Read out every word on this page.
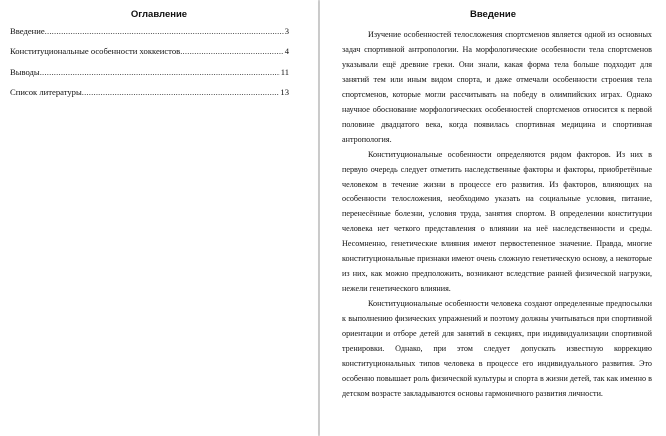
Оглавление
Введение .....	3
Конституциональные особенности хоккеистов .....	4
Выводы .....	11
Список литературы .....	13
Введение

Изучение особенностей телосложения спортсменов является одной из основных задач спортивной антропологии. На морфологические особенности тела спортсменов указывали ещё древние греки. Они знали, какая форма тела больше подходит для занятий тем или иным видом спорта, и даже отмечали особенности строения тела спортсменов, которые могли рассчитывать на победу в олимпийских играх. Однако научное обоснование морфологических особенностей спортсменов относится к первой половине двадцатого века, когда появилась спортивная медицина и спортивная антропология.

Конституциональные особенности определяются рядом факторов. Из них в первую очередь следует отметить наследственные факторы и факторы, приобретённые человеком в течение жизни в процессе его развития. Из факторов, влияющих на особенности телосложения, необходимо указать на социальные условия, питание, перенесённые болезни, условия труда, занятия спортом. В определении конституции человека нет четкого представления о влиянии на неё наследственности и среды. Несомненно, генетические влияния имеют первостепенное значение. Правда, многие конституциональные признаки имеют очень сложную генетическую основу, а некоторые из них, как можно предположить, возникают вследствие ранней физической нагрузки, нежели генетического влияния.

Конституциональные особенности человека создают определенные предпосылки к выполнению физических упражнений и поэтому должны учитываться при спортивной ориентации и отборе детей для занятий в секциях, при индивидуализации спортивной тренировки. Однако, при этом следует допускать известную коррекцию конституциональных типов человека в процессе его индивидуального развития. Это особенно повышает роль физической культуры и спорта в жизни детей, так как именно в детском возрасте закладываются основы гармоничного развития личности.
